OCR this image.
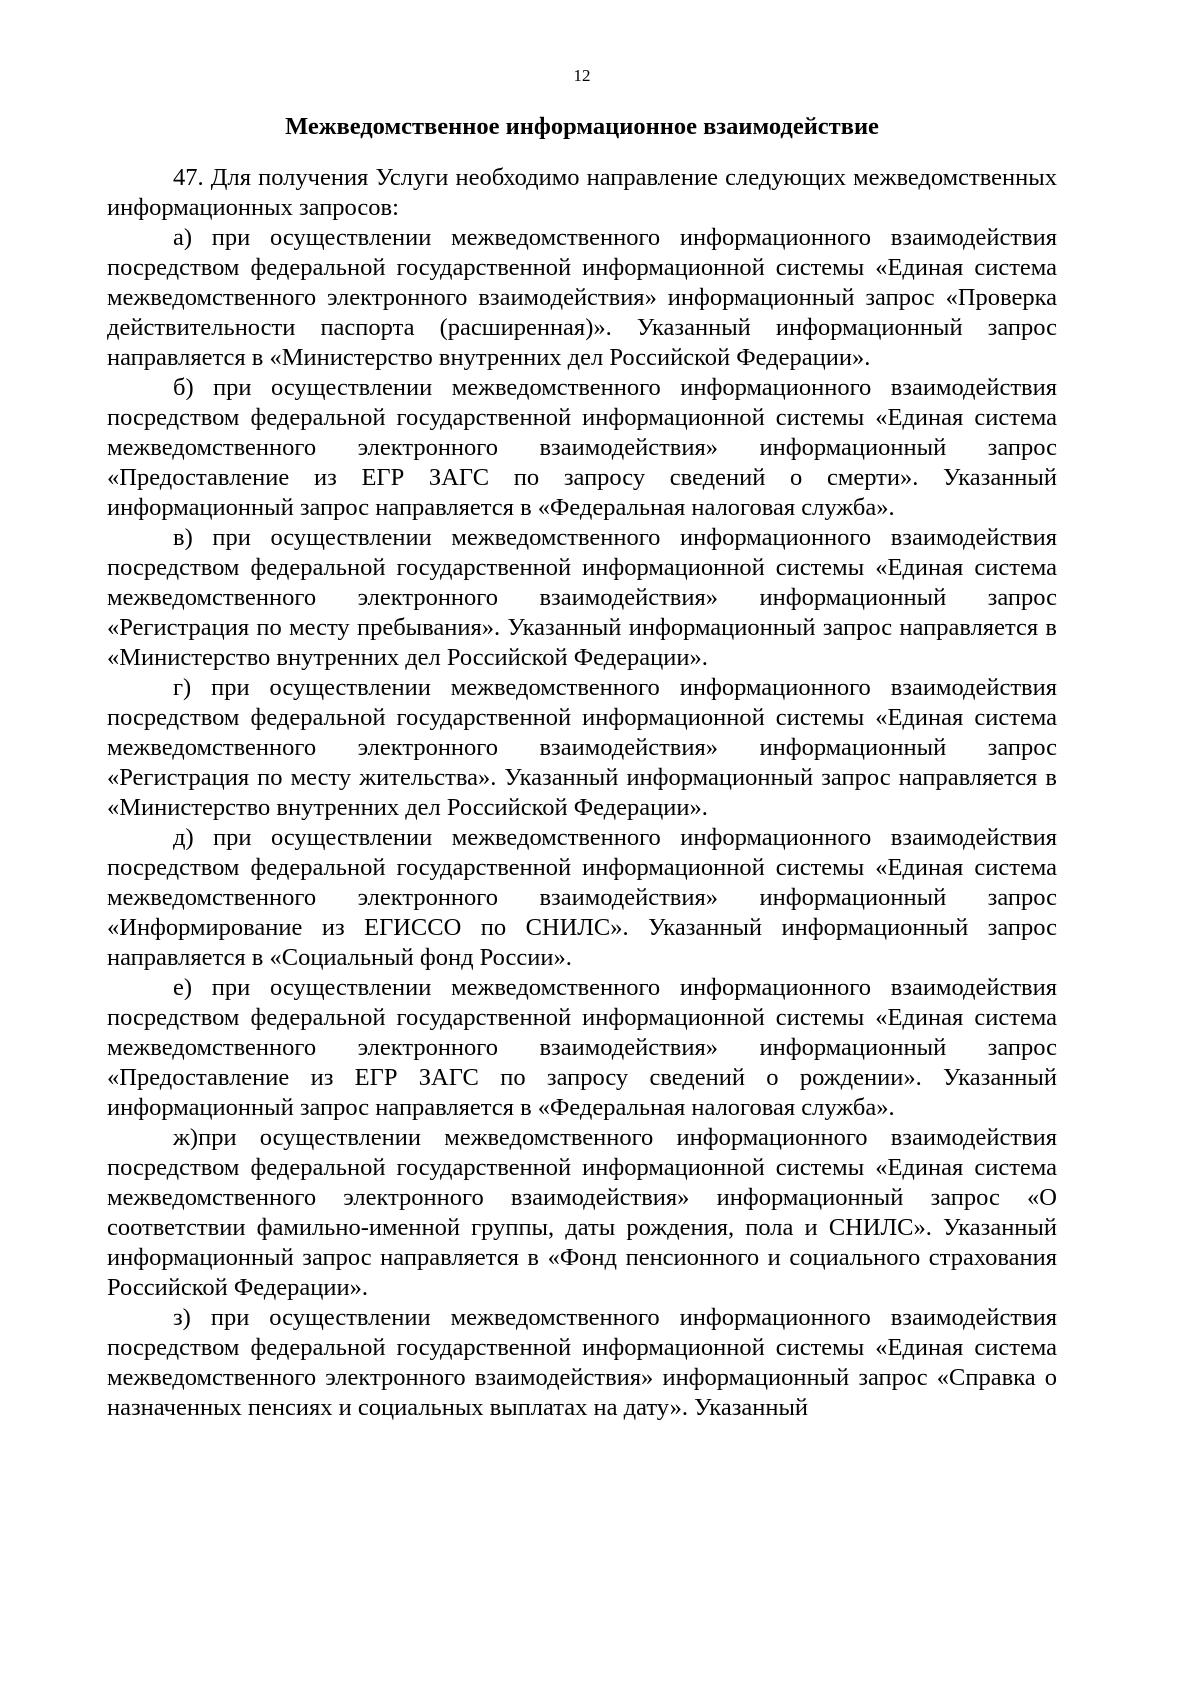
12
Межведомственное информационное взаимодействие

47. Для получения Услуги необходимо направление следующих межведомственных информационных запросов:

а) при осуществлении межведомственного информационного взаимодействия посредством федеральной государственной информационной системы «Единая система межведомственного электронного взаимодействия» информационный запрос «Проверка действительности паспорта (расширенная)». Указанный информационный запрос направляется в «Министерство внутренних дел Российской Федерации».

б) при осуществлении межведомственного информационного взаимодействия посредством федеральной государственной информационной системы «Единая система межведомственного электронного взаимодействия» информационный запрос «Предоставление из ЕГР ЗАГС по запросу сведений о смерти». Указанный информационный запрос направляется в «Федеральная налоговая служба».

в) при осуществлении межведомственного информационного взаимодействия посредством федеральной государственной информационной системы «Единая система межведомственного электронного взаимодействия» информационный запрос «Регистрация по месту пребывания». Указанный информационный запрос направляется в «Министерство внутренних дел Российской Федерации».

г) при осуществлении межведомственного информационного взаимодействия посредством федеральной государственной информационной системы «Единая система межведомственного электронного взаимодействия» информационный запрос «Регистрация по месту жительства». Указанный информационный запрос направляется в «Министерство внутренних дел Российской Федерации».

д) при осуществлении межведомственного информационного взаимодействия посредством федеральной государственной информационной системы «Единая система межведомственного электронного взаимодействия» информационный запрос «Информирование из ЕГИССО по СНИЛС». Указанный информационный запрос направляется в «Социальный фонд России».

е) при осуществлении межведомственного информационного взаимодействия посредством федеральной государственной информационной системы «Единая система межведомственного электронного взаимодействия» информационный запрос «Предоставление из ЕГР ЗАГС по запросу сведений о рождении». Указанный информационный запрос направляется в «Федеральная налоговая служба».

ж)при осуществлении межведомственного информационного взаимодействия посредством федеральной государственной информационной системы «Единая система межведомственного электронного взаимодействия» информационный запрос «О соответствии фамильно-именной группы, даты рождения, пола и СНИЛС». Указанный информационный запрос направляется в «Фонд пенсионного и социального страхования Российской Федерации».

з) при осуществлении межведомственного информационного взаимодействия посредством федеральной государственной информационной системы «Единая система межведомственного электронного взаимодействия» информационный запрос «Справка о назначенных пенсиях и социальных выплатах на дату». Указанный
